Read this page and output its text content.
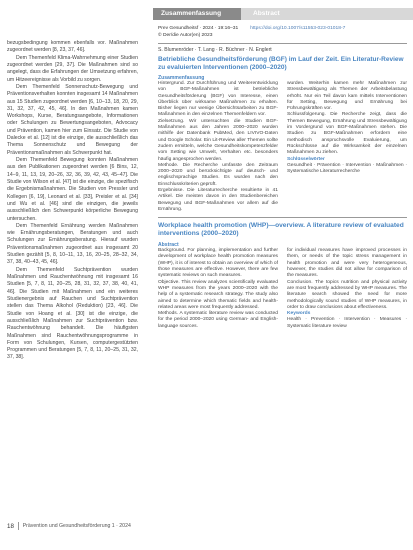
bezugsbedingung kommen ebenfalls vor. Maßnahmen zugeordnet werden [8, 23, 37, 46].

Dem Themenfeld Klima-Wahrnehmung einer Studien zugeordnet werden [29, 37]. Die Maßnahmen sind so angelegt, dass die Erfahrungen der Umsetzung erfahren, um Hitzeereignisse als Vorbild zu sorgen.

Dem Themenfeld Sonnenschutz-Bewegung und Präventionsverhalten konnten insgesamt 14 Maßnahmen aus 15 Studien zugeordnet werden [6, 10–13, 18, 20, 29, 31, 32, 37, 42, 45, 46]. In den Maßnahmen kamen Workshops, Kurse, Beratungsangebote, Informationen oder Schulungen zu Bewertungsangeboten, Advocacy und Prävention, kamen hier zum Einsatz. Die Studie von Dalecke et al. [12] ist die einzige, die ausschließlich das Thema Sonnenschutz und Bewegung der Präventionsmaßnahmen als Schwerpunkt hat.

Dem Themenfeld Bewegung konnten Maßnahmen aus den Publikationen zugeordnet werden [6 Bins, 12, 14–9, 11, 13, 19, 20–26, 32, 36, 39, 42, 43, 45–47]. Die Studie von Wilson et al. [47] ist die einzige, die spezifisch die Ergebnismaßnahmen. Die Studien von Pressler und Kollegen [6, 19], Leonard et al. [33], Preisler et al. [34] und Wu et al. [46] sind die einzigen, die jeweils ausschließlich den Schwerpunkt körperliche Bewegung untersuchen.

Dem Themenfeld Ernährung werden Maßnahmen wie Ernährungsberatungen, Beratungen und auch Schulungen zur Ernährungsberatung. Hierauf wurden Präventionsmaßnahmen zugeordnet aus insgesamt 20 Studien gezählt [5, 8, 10–11, 13, 16, 20–25, 28–32, 34, 37, 38, 40–43, 45, 46].

Dem Themenfeld Suchtprävention wurden Maßnahmen und Rauchentwöhnung mit insgesamt 16 Studien [5, 7, 8, 11, 20–25, 28, 31, 32, 37, 38, 40, 41, 46]. Die Studien mit Maßnahmen und ein weiteres Studienergebnis auf Rauchen und Suchtprävention stellen das Thema Alkohol (Reduktion) [23, 46]. Die Studie von Hoang et al. [30] ist die einzige, die ausschließlich Maßnahmen zur Suchtprävention bzw. Rauchentwöhnung behandelt. Die häufigsten Maßnahmen sind Rauchentwöhnungsprogramme in Form von Schulungen, Kursen, computergestützten Programmen und Beratungen [5, 7, 8, 11, 20–25, 31, 32, 37, 38].

Zusammenfassung	Abstract
Prev Gesundheitsf · 2024 · 19:16–31 https://doi.org/10.1007/s11553-023-01018-7
© Der/die Autor(en) 2023
S. Blumenröder · T. Lang · R. Büchner · N. Englert
Betriebliche Gesundheitsförderung (BGF) im Lauf der Zeit. Ein Literatur-Review zu evaluierten Interventionen (2000–2020)
Zusammenfassung

Hintergrund. Zur Durchführung und Weiterentwicklung von BGF-Maßnahmen ist betriebliche Gesundheitsförderung (BGF) von Interesse, einen Überblick über wirksame Maßnahmen zu erhalten. Bisher liegen nur wenige Übersichtsarbeiten zu BGF-Maßnahmen in den einzelnen Themenfeldern vor.

Zielsetzung. Wir untersuchten die Studien BGF-Maßnahmen aus den Jahren 2000–2020 wurden mithilfe der Datenbank PubMed, den LIVIVO-Daten und Google Scholar. Ein Lit-Review aller Themen sollte zudem ermitteln, welche Gesundheitskompetenzfelder vom Setting wie Umwelt, Verhalten etc. besonders häufig angesprochen werden.

Methode. Die Recherche umfasste den Zeitraum 2000–2020 und berücksichtigte auf deutsch- und englischsprachige Studien. Es wurden nach den Einschlusskriterien geprüft.

Ergebnisse. Die Literaturrecherche resultierte in 41 Artikel. Die meisten davon in den Studienbereichen Bewegung und BGF-Maßnahmen vor allem auf die Ernährung.

wurden. Weiterhin kamen mehr Maßnahmen zur Stressbewältigung als Themen der Arbeitsbelastung erhöht. Nur ein Teil davon kam mittels Interventionen für Setting, Bewegung und Ernährung bei Führungskräften vor.

Schlussfolgerung. Die Recherche zeigt, dass die Themen Bewegung, Ernährung und Stressbewältigung im Vordergrund von BGF-Maßnahmen stehen. Die Studien zu BGF-Maßnahmen erfordern eine methodisch anspruchsvolle Evaluierung, um Rückschlüsse auf die Wirksamkeit der einzelnen Maßnahmen zu ziehen.

Schlüsselwörter

Gesundheit · Prävention · Intervention · Maßnahmen · Systematische Literaturrecherche

Workplace health promotion (WHP)—overview. A literature review of evaluated interventions (2000–2020)
Abstract

Background. For planning, implementation and further development of workplace health promotion measures (WHP), it is of interest to obtain an overview of which of those measures are effective. However, there are few systematic reviews on such measures.

Objective. This review analyzes scientifically evaluated WHP measures from the years 2000–2020 with the help of a systematic research strategy. The study also aimed to determine which thematic fields and health-related areas were most frequently addressed.

Methods. A systematic literature review was conducted for the period 2000–2020 using German- and English-language sources.

for individual measures have improved processes in them, or needs of the topic stress management in health promotion and were very heterogeneous, however, the studies did not allow for comparison of the measures.

Conclusion. The topics nutrition and physical activity are most frequently addressed by WHP measures. The literature search showed the need for more methodologically sound studies of WHP measures, in order to draw conclusions about effectiveness.

Keywords

Health · Prevention · Intervention · Measures · Systematic literature review

18 Prävention und Gesundheitsförderung 1 · 2024
